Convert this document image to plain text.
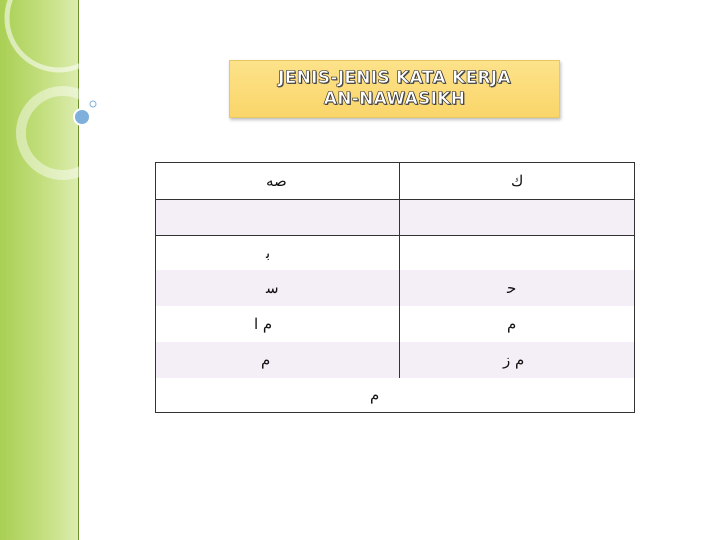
JENIS-JENIS KATA KERJA
AN-NAWASIKH
ﺻﻪ	ﻙ
ﺑ
ﺳ	ﺣ
ﻡ ﺍ	ﻡ
ﻡ	ﻡ ﺯ
ﻡ
